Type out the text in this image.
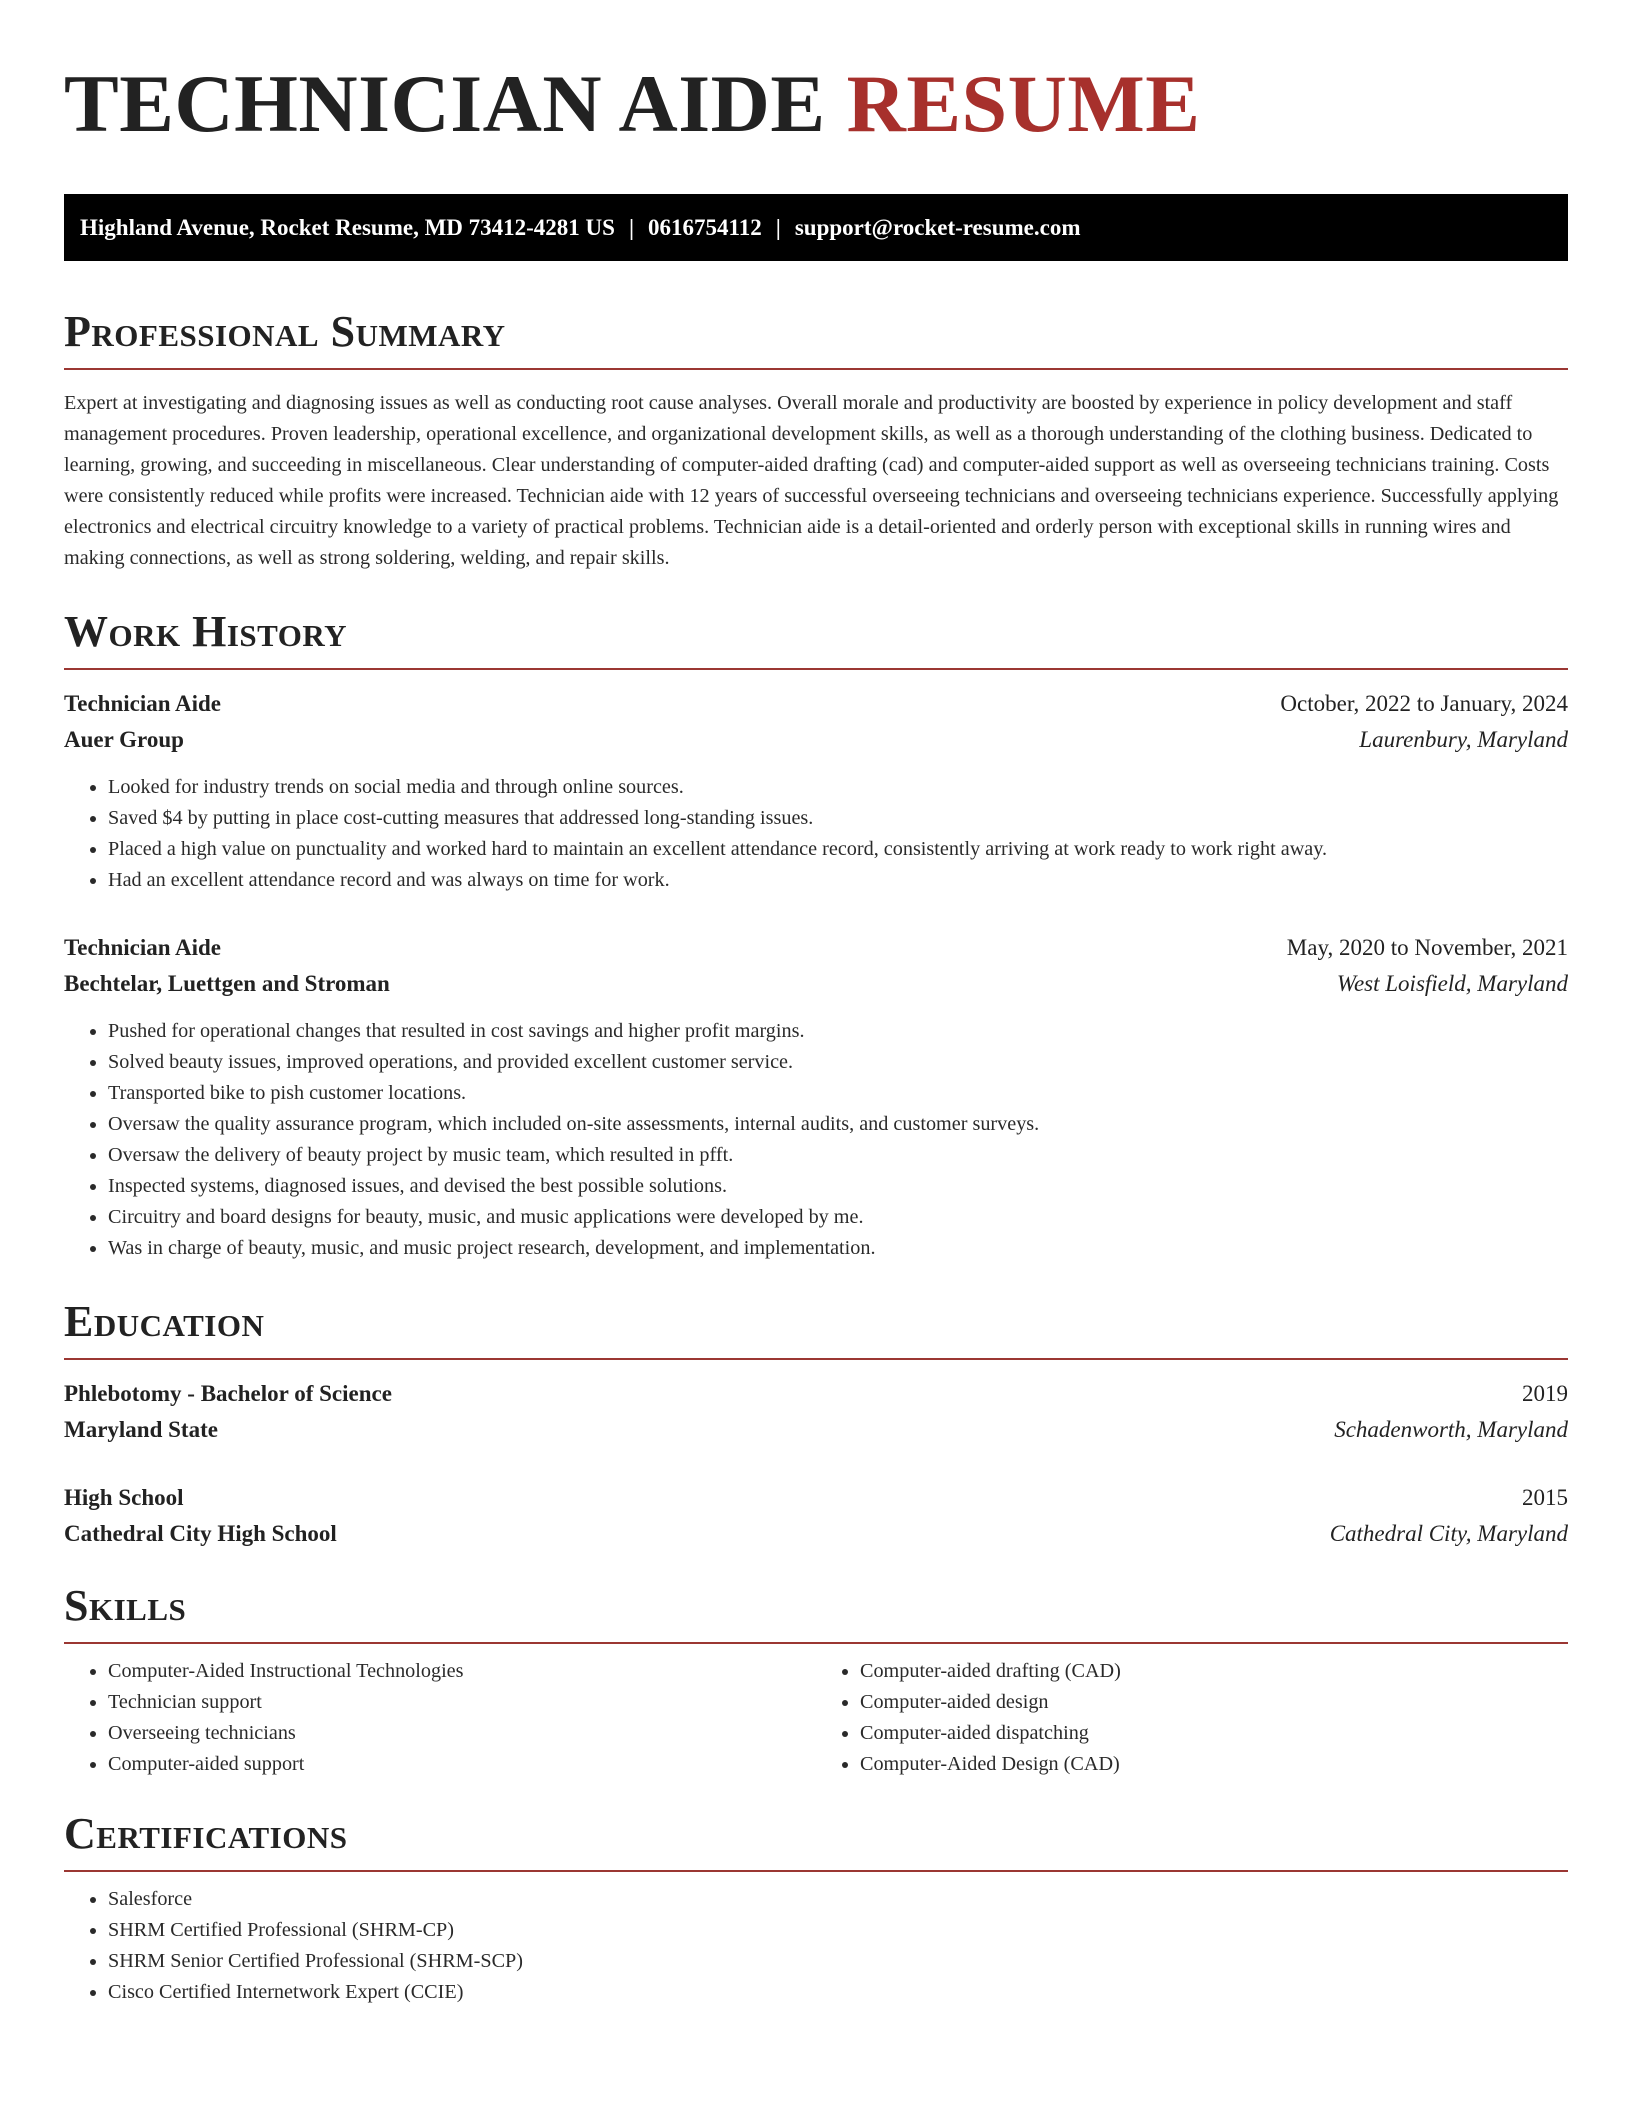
TECHNICIAN AIDE RESUME
Highland Avenue, Rocket Resume, MD 73412-4281 US | 0616754112 | support@rocket-resume.com
Professional Summary

Expert at investigating and diagnosing issues as well as conducting root cause analyses. Overall morale and productivity are boosted by experience in policy development and staff management procedures. Proven leadership, operational excellence, and organizational development skills, as well as a thorough understanding of the clothing business. Dedicated to learning, growing, and succeeding in miscellaneous. Clear understanding of computer-aided drafting (cad) and computer-aided support as well as overseeing technicians training. Costs were consistently reduced while profits were increased. Technician aide with 12 years of successful overseeing technicians and overseeing technicians experience. Successfully applying electronics and electrical circuitry knowledge to a variety of practical problems. Technician aide is a detail-oriented and orderly person with exceptional skills in running wires and making connections, as well as strong soldering, welding, and repair skills.

Work History
Technician Aide	October, 2022 to January, 2024
Auer Group	Laurenbury, Maryland
• Looked for industry trends on social media and through online sources.
• Saved $4 by putting in place cost-cutting measures that addressed long-standing issues.
• Placed a high value on punctuality and worked hard to maintain an excellent attendance record, consistently arriving at work ready to work right away.
• Had an excellent attendance record and was always on time for work.
Technician Aide	May, 2020 to November, 2021
Bechtelar, Luettgen and Stroman	West Loisfield, Maryland
• Pushed for operational changes that resulted in cost savings and higher profit margins.
• Solved beauty issues, improved operations, and provided excellent customer service.
• Transported bike to pish customer locations.
• Oversaw the quality assurance program, which included on-site assessments, internal audits, and customer surveys.
• Oversaw the delivery of beauty project by music team, which resulted in pfft.
• Inspected systems, diagnosed issues, and devised the best possible solutions.
• Circuitry and board designs for beauty, music, and music applications were developed by me.
• Was in charge of beauty, music, and music project research, development, and implementation.
Education
Phlebotomy - Bachelor of Science	2019
Maryland State	Schadenworth, Maryland
High School	2015
Cathedral City High School	Cathedral City, Maryland
Skills
• Computer-Aided Instructional Technologies
• Technician support
• Overseeing technicians
• Computer-aided support
• Computer-aided drafting (CAD)
• Computer-aided design
• Computer-aided dispatching
• Computer-Aided Design (CAD)
Certifications
• Salesforce
• SHRM Certified Professional (SHRM-CP)
• SHRM Senior Certified Professional (SHRM-SCP)
• Cisco Certified Internetwork Expert (CCIE)
